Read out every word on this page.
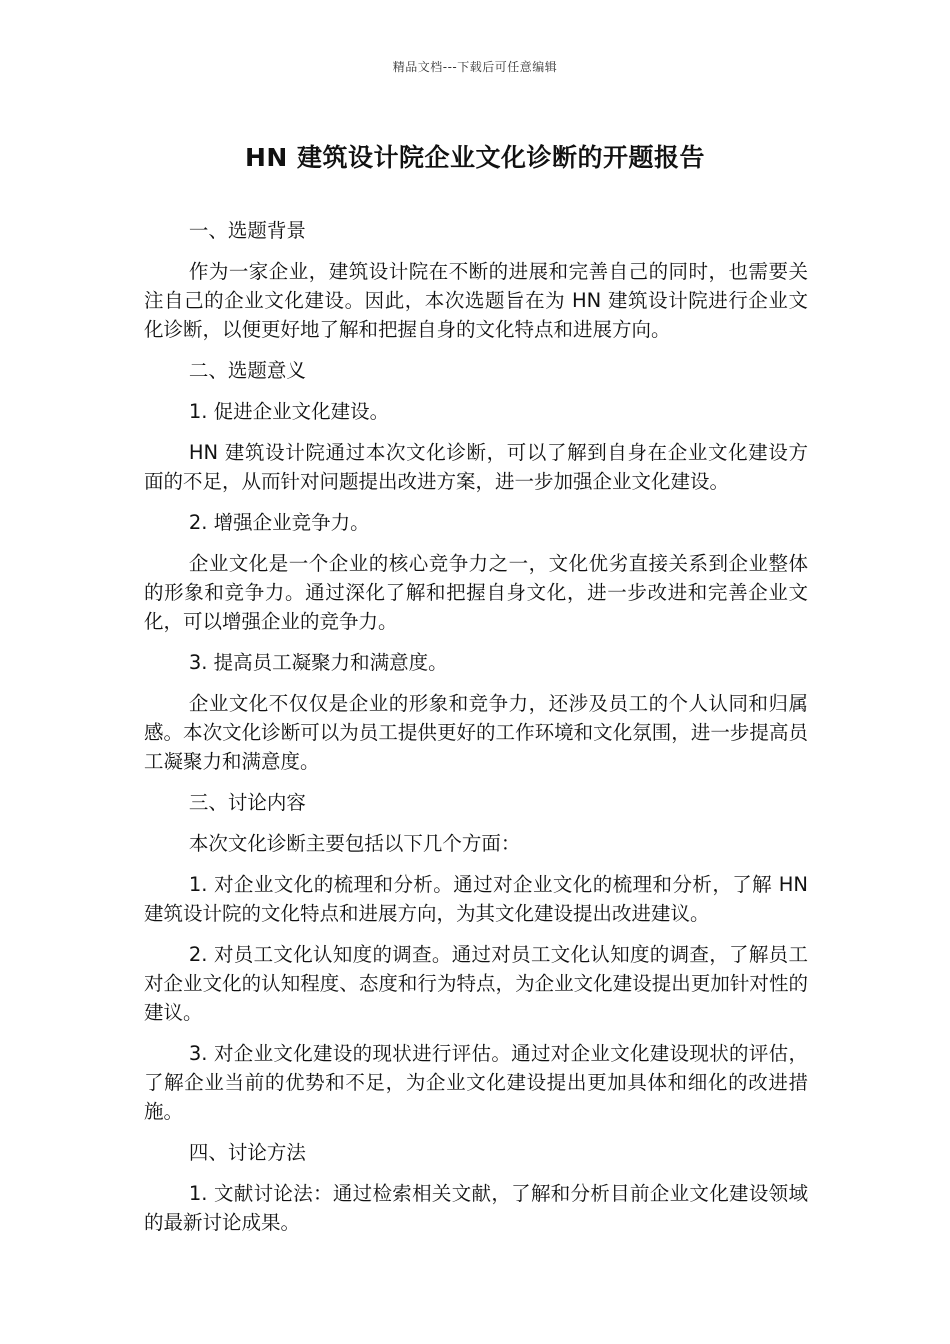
精品文档---下载后可任意编辑
HN 建筑设计院企业文化诊断的开题报告

一、选题背景

作为一家企业，建筑设计院在不断的进展和完善自己的同时，也需要关注自己的企业文化建设。因此，本次选题旨在为 HN 建筑设计院进行企业文化诊断，以便更好地了解和把握自身的文化特点和进展方向。

二、选题意义

1. 促进企业文化建设。

HN 建筑设计院通过本次文化诊断，可以了解到自身在企业文化建设方面的不足，从而针对问题提出改进方案，进一步加强企业文化建设。

2. 增强企业竞争力。

企业文化是一个企业的核心竞争力之一，文化优劣直接关系到企业整体的形象和竞争力。通过深化了解和把握自身文化，进一步改进和完善企业文化，可以增强企业的竞争力。

3. 提高员工凝聚力和满意度。

企业文化不仅仅是企业的形象和竞争力，还涉及员工的个人认同和归属感。本次文化诊断可以为员工提供更好的工作环境和文化氛围，进一步提高员工凝聚力和满意度。

三、讨论内容

本次文化诊断主要包括以下几个方面：

1. 对企业文化的梳理和分析。通过对企业文化的梳理和分析，了解 HN 建筑设计院的文化特点和进展方向，为其文化建设提出改进建议。

2. 对员工文化认知度的调查。通过对员工文化认知度的调查，了解员工对企业文化的认知程度、态度和行为特点，为企业文化建设提出更加针对性的建议。

3. 对企业文化建设的现状进行评估。通过对企业文化建设现状的评估，了解企业当前的优势和不足，为企业文化建设提出更加具体和细化的改进措施。

四、讨论方法

1. 文献讨论法：通过检索相关文献，了解和分析目前企业文化建设领域的最新讨论成果。
